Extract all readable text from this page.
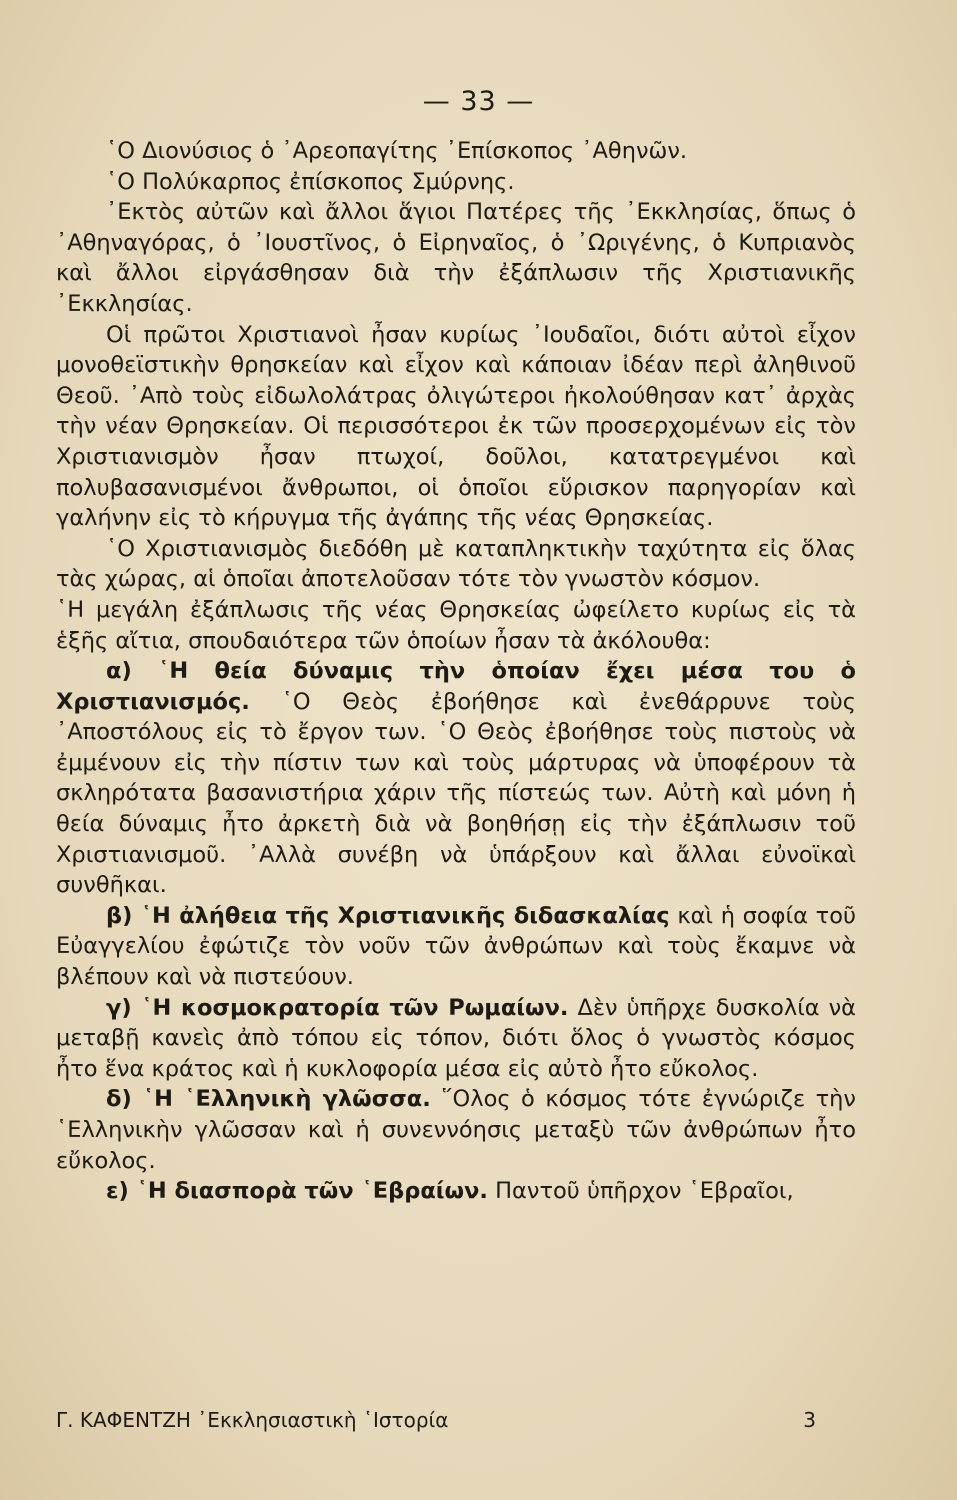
— 33 —

῾Ο Διονύσιος ὁ ᾿Αρεοπαγίτης ᾿Επίσκοπος ᾿Αθηνῶν.

῾Ο Πολύκαρπος ἐπίσκοπος Σμύρνης.

᾿Εκτὸς αὐτῶν καὶ ἄλλοι ἅγιοι Πατέρες τῆς ᾿Εκκλησίας, ὅπως ὁ ᾿Αθηναγόρας, ὁ ᾿Ιουστῖνος, ὁ Εἰρηναῖος, ὁ ᾿Ωριγένης, ὁ Κυπριανὸς καὶ ἄλλοι εἰργάσθησαν διὰ τὴν ἐξάπλωσιν τῆς Χριστιανικῆς ᾿Εκκλησίας.

Οἱ πρῶτοι Χριστιανοὶ ἦσαν κυρίως ᾿Ιουδαῖοι, διότι αὐτοὶ εἶχον μονοθεϊστικὴν θρησκείαν καὶ εἶχον καὶ κάποιαν ἰδέαν περὶ ἀληθινοῦ Θεοῦ. ᾿Απὸ τοὺς εἰδωλολάτρας ὀλιγώτεροι ἠκολούθησαν κατ᾿ ἀρχὰς τὴν νέαν Θρησκείαν. Οἱ περισσότεροι ἐκ τῶν προσερχομένων εἰς τὸν Χριστιανισμὸν ἦσαν πτωχοί, δοῦλοι, κατατρεγμένοι καὶ πολυβασανισμένοι ἄνθρωποι, οἱ ὁποῖοι εὕρισκον παρηγορίαν καὶ γαλήνην εἰς τὸ κήρυγμα τῆς ἀγάπης τῆς νέας Θρησκείας.

῾Ο Χριστιανισμὸς διεδόθη μὲ καταπληκτικὴν ταχύτητα εἰς ὅλας τὰς χώρας, αἱ ὁποῖαι ἀποτελοῦσαν τότε τὸν γνωστὸν κόσμον.

῾Η μεγάλη ἐξάπλωσις τῆς νέας Θρησκείας ὠφείλετο κυρίως εἰς τὰ ἑξῆς αἴτια, σπουδαιότερα τῶν ὁποίων ἦσαν τὰ ἀκόλουθα:

α) ῾Η θεία δύναμις τὴν ὁποίαν ἔχει μέσα του ὁ Χριστιανισμός. ῾Ο Θεὸς ἐβοήθησε καὶ ἐνεθάρρυνε τοὺς ᾿Αποστόλους εἰς τὸ ἔργον των. ῾Ο Θεὸς ἐβοήθησε τοὺς πιστοὺς νὰ ἐμμένουν εἰς τὴν πίστιν των καὶ τοὺς μάρτυρας νὰ ὑποφέρουν τὰ σκληρότατα βασανιστήρια χάριν τῆς πίστεώς των. Αὐτὴ καὶ μόνη ἡ θεία δύναμις ἦτο ἀρκετὴ διὰ νὰ βοηθήσῃ εἰς τὴν ἐξάπλωσιν τοῦ Χριστιανισμοῦ. ᾿Αλλὰ συνέβη νὰ ὑπάρξουν καὶ ἄλλαι εὐνοϊκαὶ συνθῆκαι.

β) ῾Η ἀλήθεια τῆς Χριστιανικῆς διδασκαλίας καὶ ἡ σοφία τοῦ Εὐαγγελίου ἐφώτιζε τὸν νοῦν τῶν ἀνθρώπων καὶ τοὺς ἔκαμνε νὰ βλέπουν καὶ νὰ πιστεύουν.

γ) ῾Η κοσμοκρατορία τῶν Ρωμαίων. Δὲν ὑπῆρχε δυσκολία νὰ μεταβῇ κανεὶς ἀπὸ τόπου εἰς τόπον, διότι ὅλος ὁ γνωστὸς κόσμος ἦτο ἕνα κράτος καὶ ἡ κυκλοφορία μέσα εἰς αὐτὸ ἦτο εὔκολος.

δ) ῾Η ῾Ελληνικὴ γλῶσσα. ῞Ολος ὁ κόσμος τότε ἐγνώριζε τὴν ῾Ελληνικὴν γλῶσσαν καὶ ἡ συνεννόησις μεταξὺ τῶν ἀνθρώπων ἦτο εὔκολος.

ε) ῾Η διασπορὰ τῶν ῾Εβραίων. Παντοῦ ὑπῆρχον ῾Εβραῖοι,

Γ. ΚΑΦΕΝΤΖΗ ᾿Εκκλησιαστικὴ ῾Ιστορία	3
